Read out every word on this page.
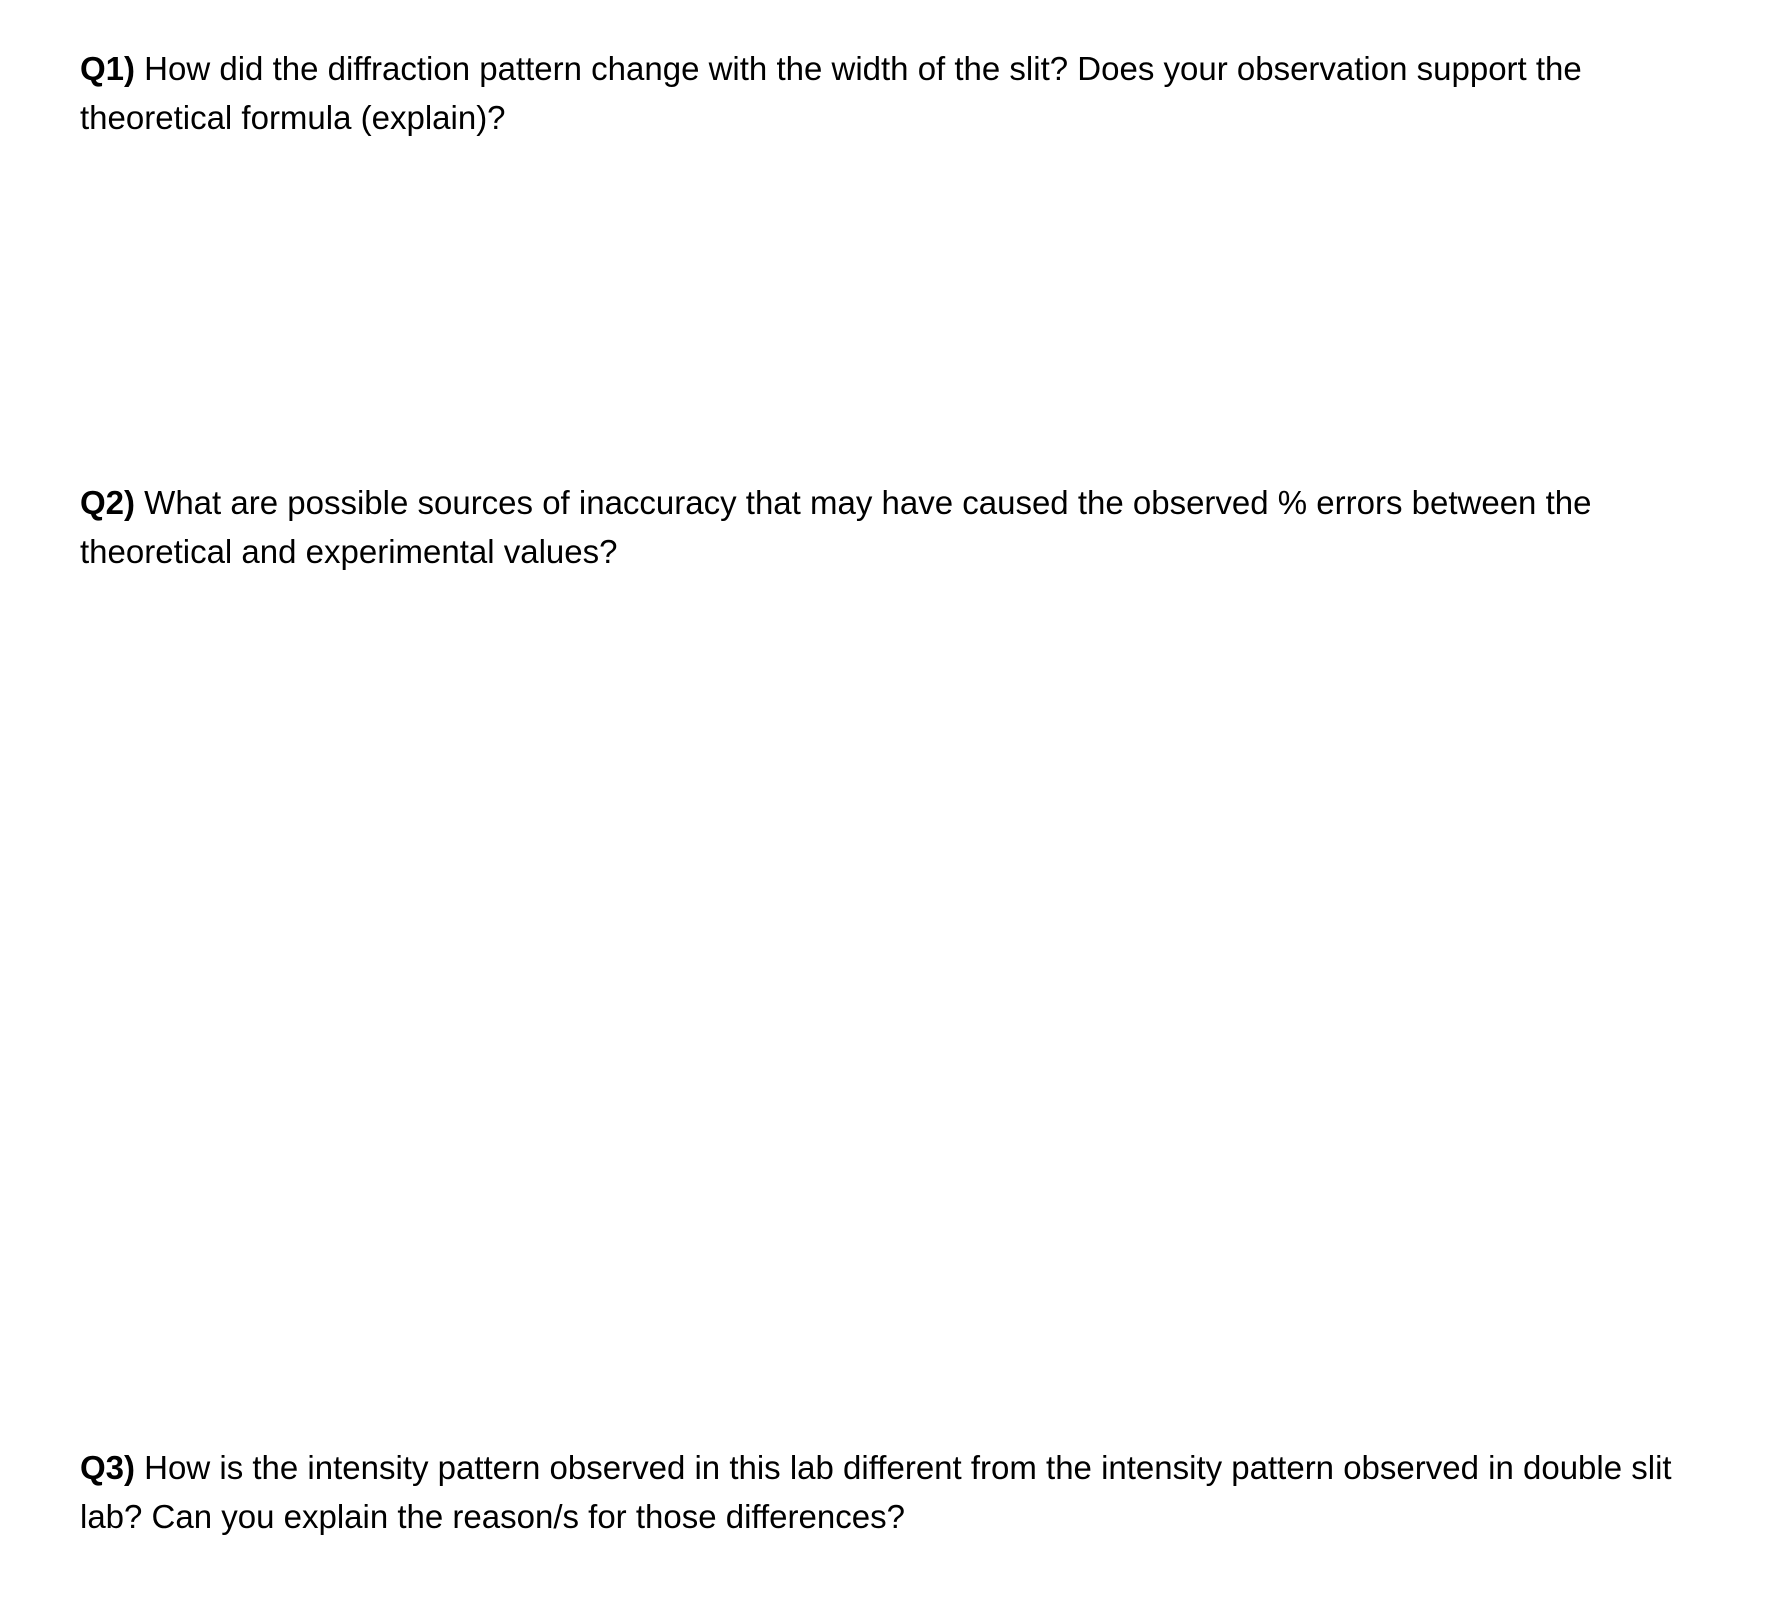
Q1) How did the diffraction pattern change with the width of the slit? Does your observation support the theoretical formula (explain)?

Q2) What are possible sources of inaccuracy that may have caused the observed % errors between the theoretical and experimental values?

Q3) How is the intensity pattern observed in this lab different from the intensity pattern observed in double slit lab? Can you explain the reason/s for those differences?
